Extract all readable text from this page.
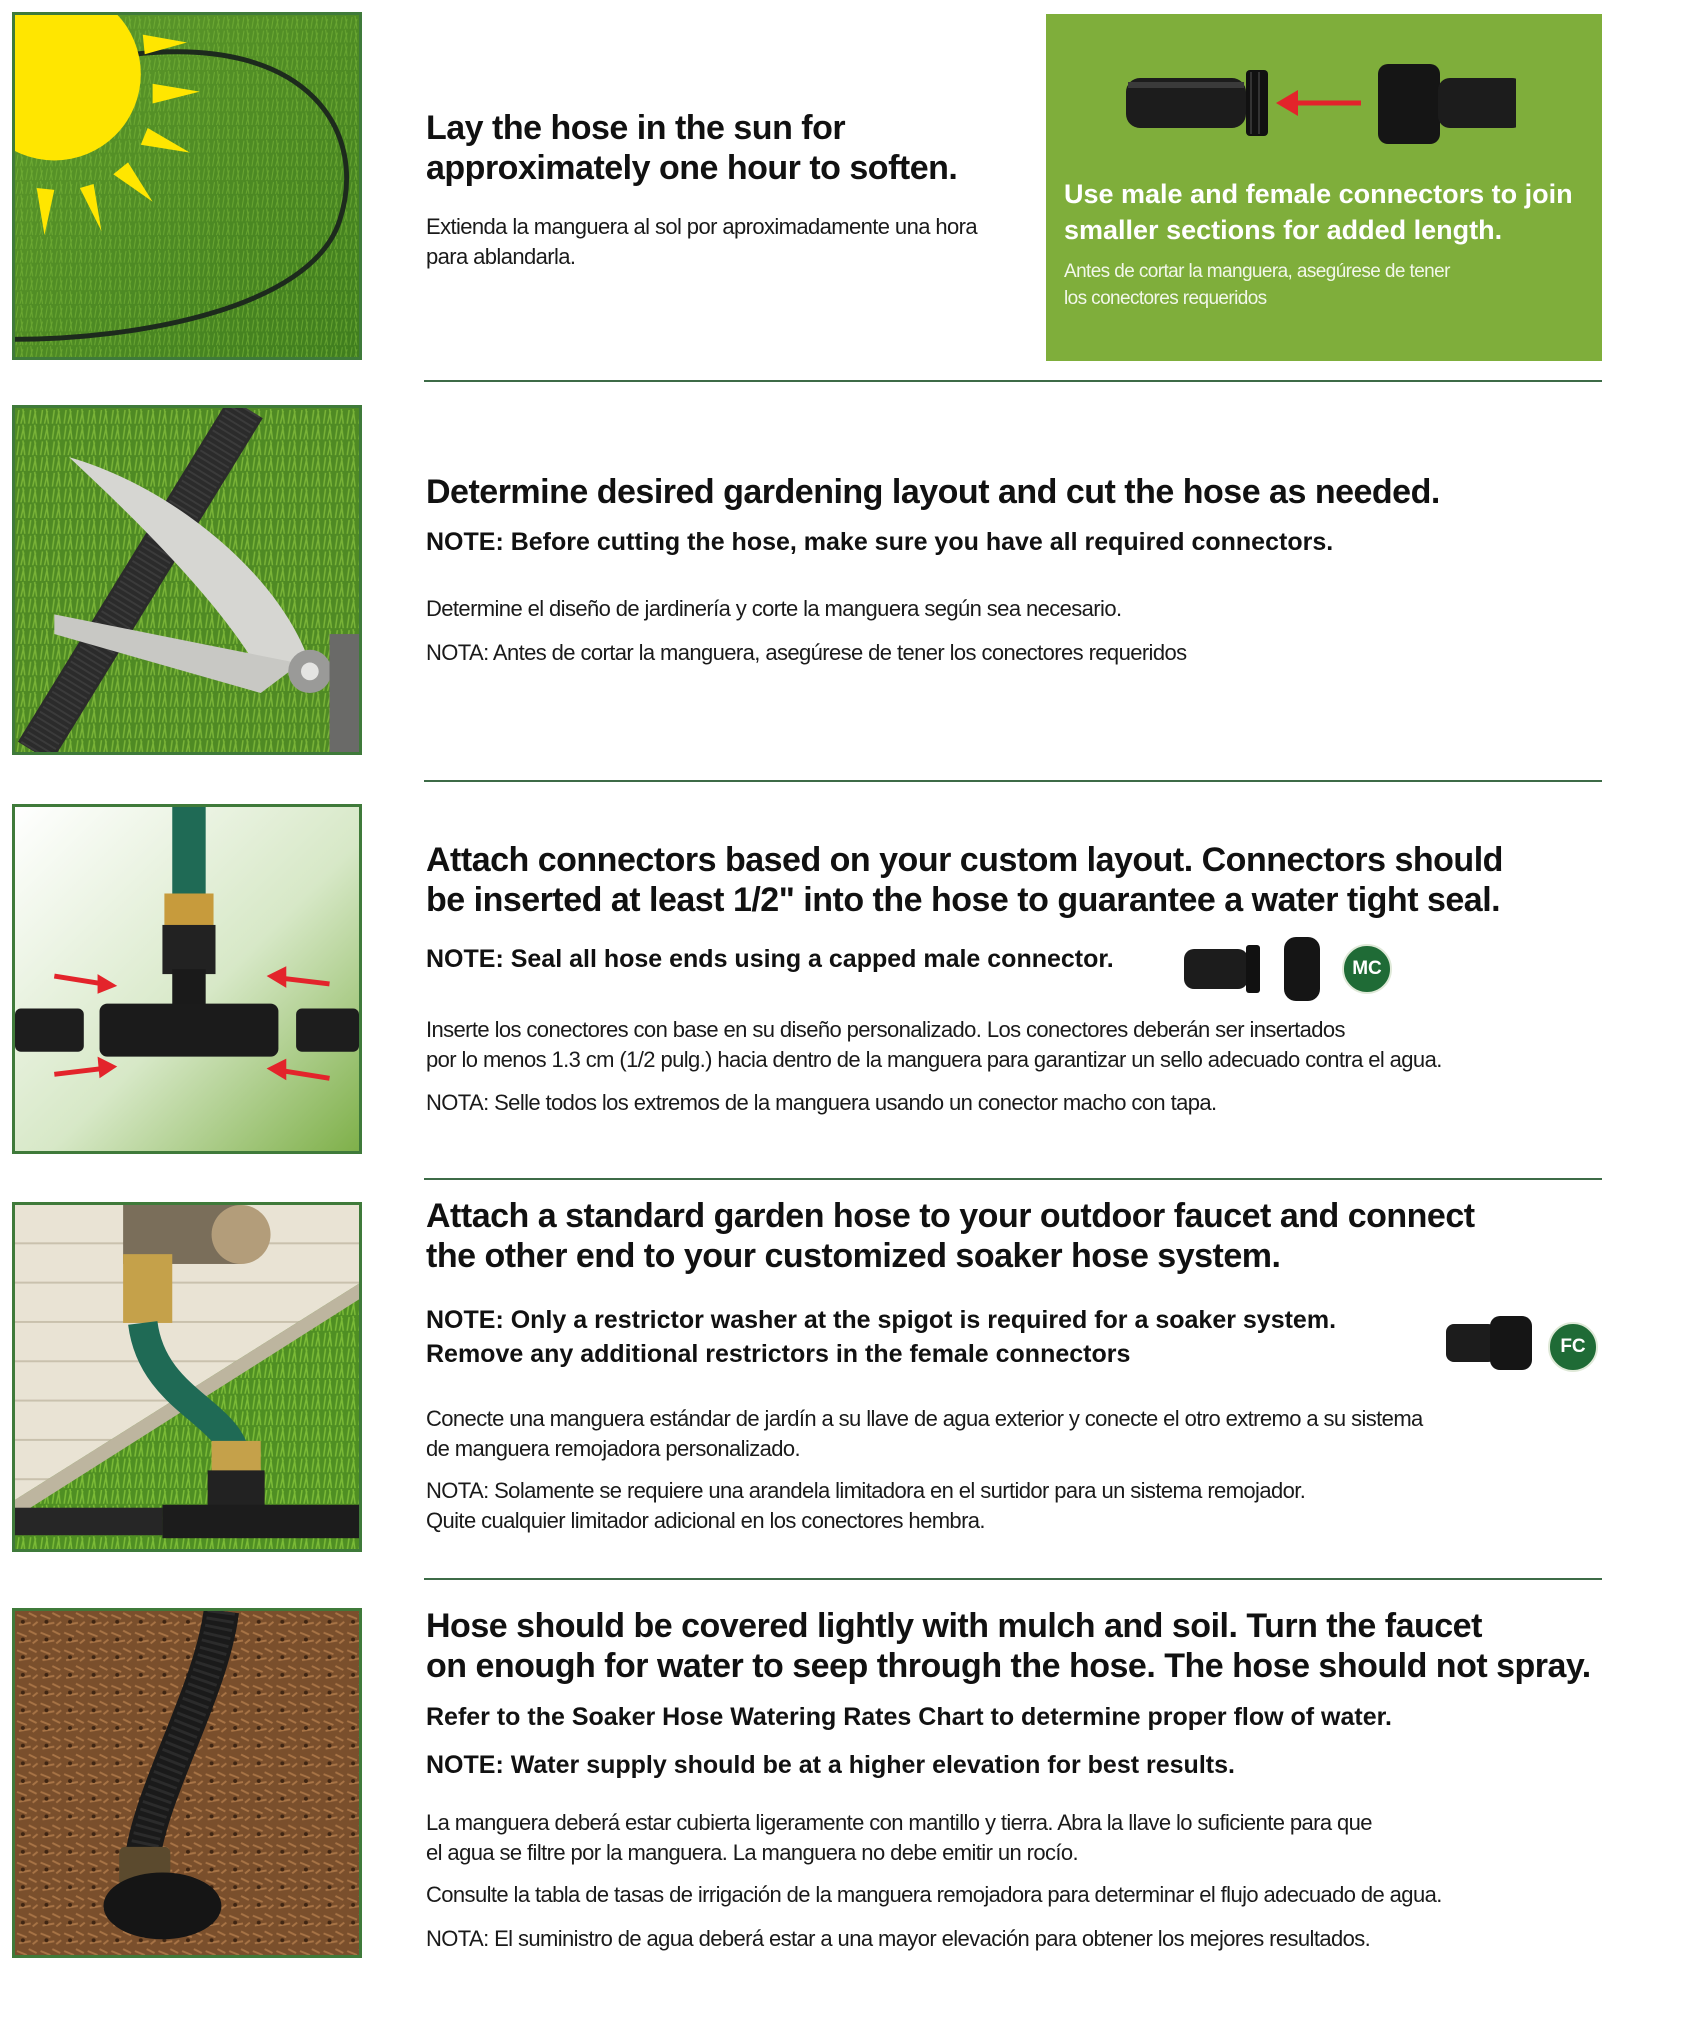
Lay the hose in the sun for
approximately one hour to soften.
Extienda la manguera al sol por aproximadamente una hora
para ablandarla.
Use male and female connectors to join
smaller sections for added length.
Antes de cortar la manguera, asegúrese de tener
los conectores requeridos
Determine desired gardening layout and cut the hose as needed.
NOTE: Before cutting the hose, make sure you have all required connectors.
Determine el diseño de jardinería y corte la manguera según sea necesario.
NOTA: Antes de cortar la manguera, asegúrese de tener los conectores requeridos
Attach connectors based on your custom layout. Connectors should
be inserted at least 1/2" into the hose to guarantee a water tight seal.
NOTE: Seal all hose ends using a capped male connector.	MC
Inserte los conectores con base en su diseño personalizado. Los conectores deberán ser insertados
por lo menos 1.3 cm (1/2 pulg.) hacia dentro de la manguera para garantizar un sello adecuado contra el agua.
NOTA: Selle todos los extremos de la manguera usando un conector macho con tapa.
Attach a standard garden hose to your outdoor faucet and connect
the other end to your customized soaker hose system.
NOTE: Only a restrictor washer at the spigot is required for a soaker system.
Remove any additional restrictors in the female connectors	FC
Conecte una manguera estándar de jardín a su llave de agua exterior y conecte el otro extremo a su sistema
de manguera remojadora personalizado.
NOTA: Solamente se requiere una arandela limitadora en el surtidor para un sistema remojador.
Quite cualquier limitador adicional en los conectores hembra.
Hose should be covered lightly with mulch and soil. Turn the faucet
on enough for water to seep through the hose. The hose should not spray.
Refer to the Soaker Hose Watering Rates Chart to determine proper flow of water.
NOTE: Water supply should be at a higher elevation for best results.
La manguera deberá estar cubierta ligeramente con mantillo y tierra. Abra la llave lo suficiente para que
el agua se filtre por la manguera. La manguera no debe emitir un rocío.
Consulte la tabla de tasas de irrigación de la manguera remojadora para determinar el flujo adecuado de agua.
NOTA: El suministro de agua deberá estar a una mayor elevación para obtener los mejores resultados.
